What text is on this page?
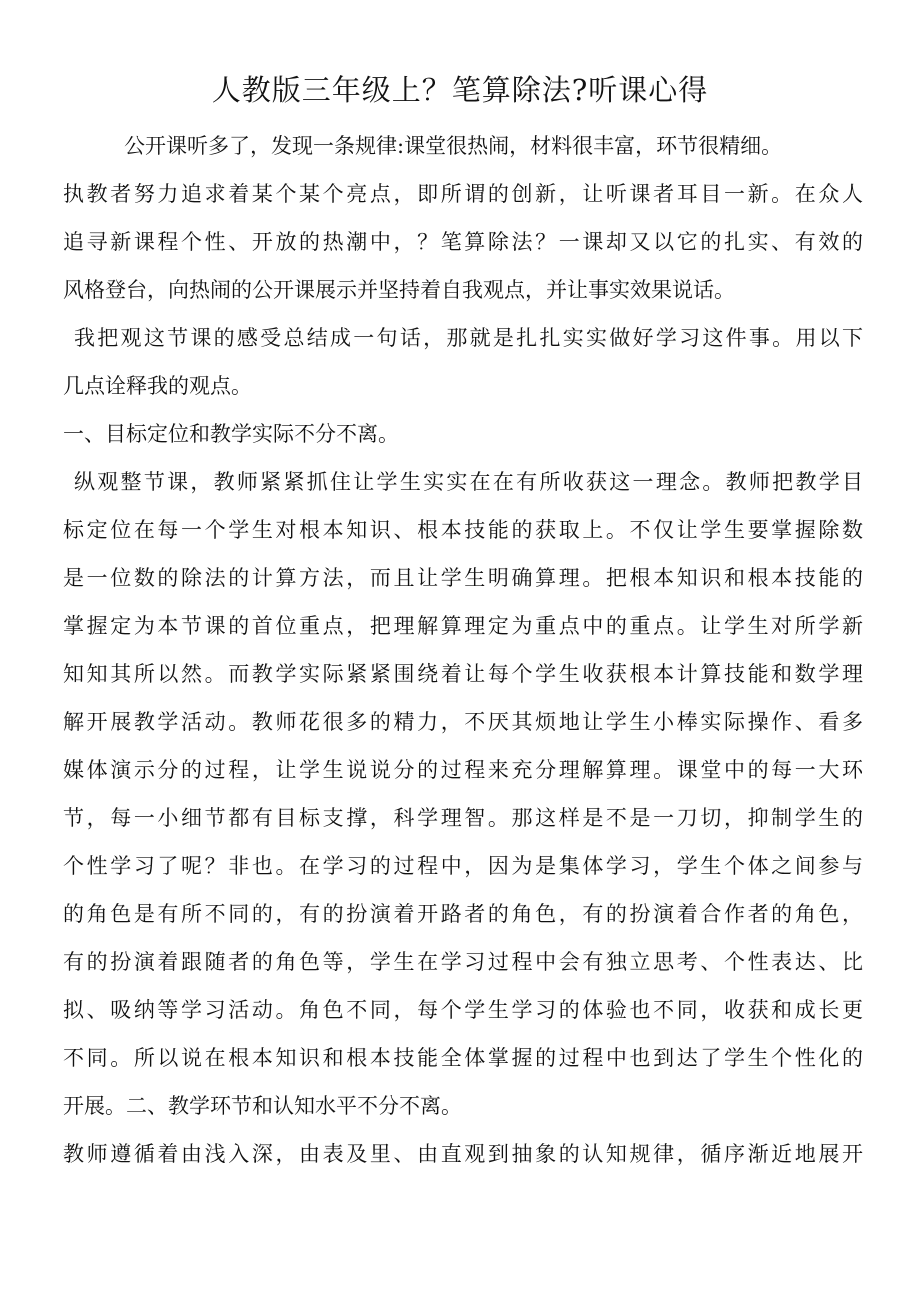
人教版三年级上？笔算除法?听课心得
公开课听多了，发现一条规律:课堂很热闹，材料很丰富，环节很精细。
执教者努力追求着某个某个亮点，即所谓的创新，让听课者耳目一新。在众人
追寻新课程个性、开放的热潮中，？笔算除法？一课却又以它的扎实、有效的
风格登台，向热闹的公开课展示并坚持着自我观点，并让事实效果说话。
我把观这节课的感受总结成一句话，那就是扎扎实实做好学习这件事。用以下
几点诠释我的观点。
一、目标定位和教学实际不分不离。
纵观整节课，教师紧紧抓住让学生实实在在有所收获这一理念。教师把教学目
标定位在每一个学生对根本知识、根本技能的获取上。不仅让学生要掌握除数
是一位数的除法的计算方法，而且让学生明确算理。把根本知识和根本技能的
掌握定为本节课的首位重点，把理解算理定为重点中的重点。让学生对所学新
知知其所以然。而教学实际紧紧围绕着让每个学生收获根本计算技能和数学理
解开展教学活动。教师花很多的精力，不厌其烦地让学生小棒实际操作、看多
媒体演示分的过程，让学生说说分的过程来充分理解算理。课堂中的每一大环
节，每一小细节都有目标支撑，科学理智。那这样是不是一刀切，抑制学生的
个性学习了呢？非也。在学习的过程中，因为是集体学习，学生个体之间参与
的角色是有所不同的，有的扮演着开路者的角色，有的扮演着合作者的角色，
有的扮演着跟随者的角色等，学生在学习过程中会有独立思考、个性表达、比
拟、吸纳等学习活动。角色不同，每个学生学习的体验也不同，收获和成长更
不同。所以说在根本知识和根本技能全体掌握的过程中也到达了学生个性化的
开展。二、教学环节和认知水平不分不离。
教师遵循着由浅入深，由表及里、由直观到抽象的认知规律，循序渐近地展开
